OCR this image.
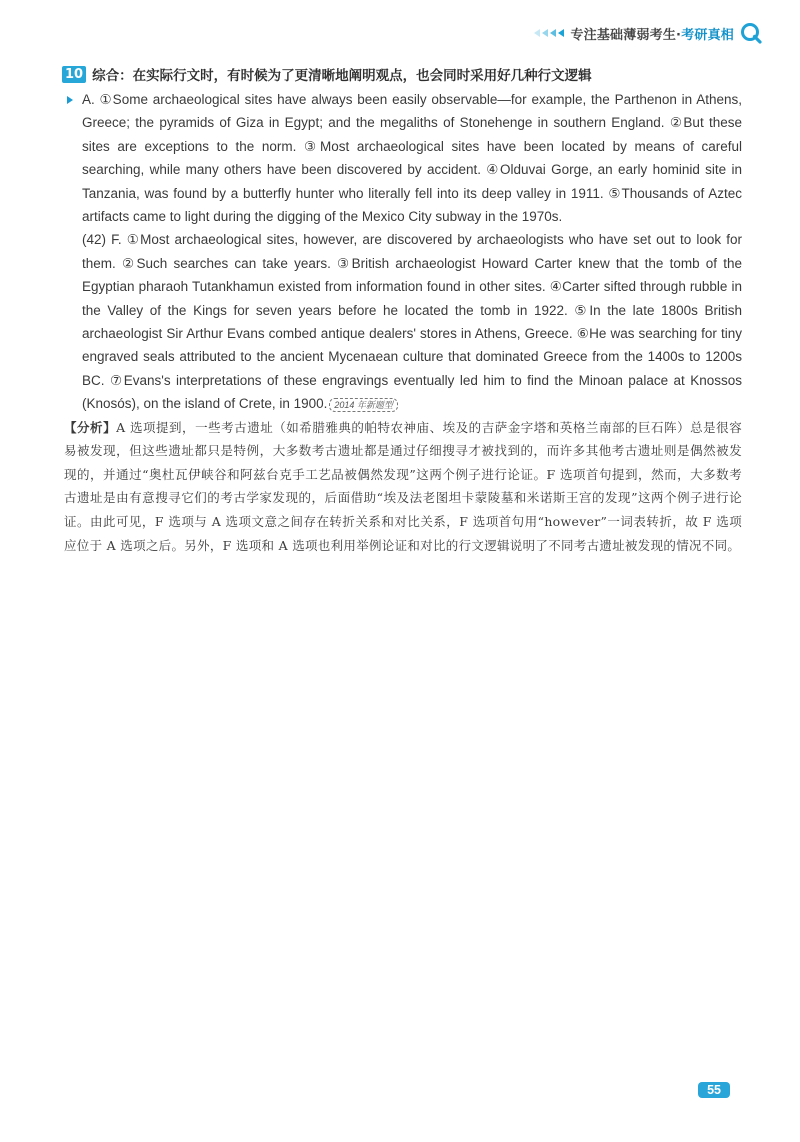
专注基础薄弱考生·考研真相
10 综合：在实际行文时，有时候为了更清晰地阐明观点，也会同时采用好几种行文逻辑

A. ①Some archaeological sites have always been easily observable—for example, the Parthenon in Athens, Greece; the pyramids of Giza in Egypt; and the megaliths of Stonehenge in southern England. ②But these sites are exceptions to the norm. ③Most archaeological sites have been located by means of careful searching, while many others have been discovered by accident. ④Olduvai Gorge, an early hominid site in Tanzania, was found by a butterfly hunter who literally fell into its deep valley in 1911. ⑤Thousands of Aztec artifacts came to light during the digging of the Mexico City subway in the 1970s.

(42) F. ①Most archaeological sites, however, are discovered by archaeologists who have set out to look for them. ②Such searches can take years. ③British archaeologist Howard Carter knew that the tomb of the Egyptian pharaoh Tutankhamun existed from information found in other sites. ④Carter sifted through rubble in the Valley of the Kings for seven years before he located the tomb in 1922. ⑤In the late 1800s British archaeologist Sir Arthur Evans combed antique dealers' stores in Athens, Greece. ⑥He was searching for tiny engraved seals attributed to the ancient Mycenaean culture that dominated Greece from the 1400s to 1200s BC. ⑦Evans's interpretations of these engravings eventually led him to find the Minoan palace at Knossos (Knosós), on the island of Crete, in 1900. 2014 年新题型

【分析】A 选项提到，一些考古遗址（如希腊雅典的帕特农神庙、埃及的吉萨金字塔和英格兰南部的巨石阵）总是很容易被发现，但这些遗址都只是特例，大多数考古遗址都是通过仔细搜寻才被找到的，而许多其他考古遗址则是偶然被发现的，并通过“奥杜瓦伊峡谷和阿兹台克手工艺品被偶然发现”这两个例子进行论证。F 选项首句提到，然而，大多数考古遗址是由有意搜寻它们的考古学家发现的，后面借助“埃及法老图坦卡蒙陵墓和米诺斯王宫的发现”这两个例子进行论证。由此可见，F 选项与 A 选项文意之间存在转折关系和对比关系，F 选项首句用“however”一词表转折，故 F 选项应位于 A 选项之后。另外，F 选项和 A 选项也利用举例论证和对比的行文逻辑说明了不同考古遗址被发现的情况不同。

55
